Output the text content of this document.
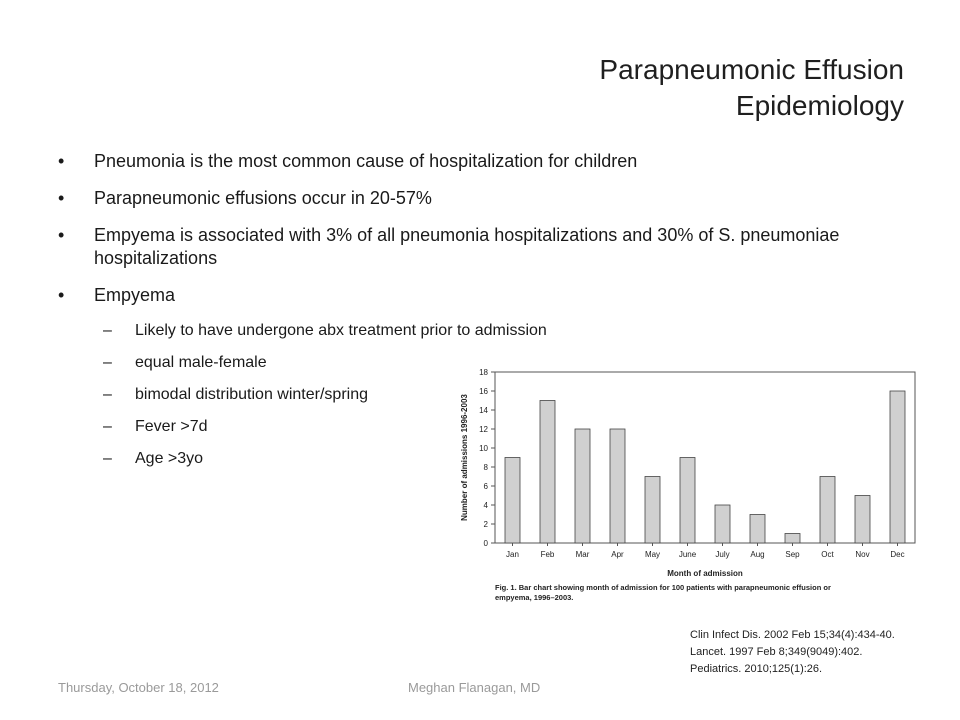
Parapneumonic Effusion
Epidemiology
• Pneumonia is the most common cause of hospitalization for children
• Parapneumonic effusions occur in 20-57%
• Empyema is associated with 3% of all pneumonia hospitalizations and 30% of S. pneumoniae hospitalizations
• Empyema
– Likely to have undergone abx treatment prior to admission
– equal male-female
– bimodal distribution winter/spring
– Fever >7d
– Age >3yo
0
2
4
6
8
10
12
14
16
18
Jan	Feb	Mar	Apr	May June July	Aug	Sep	Oct	Nov	Dec
Month of admission
Number of admissions 1996-2003
Fig. 1. Bar chart showing month of admission for 100 patients with parapneumonic effusion or
empyema, 1996–2003.
Clin Infect Dis. 2002 Feb 15;34(4):434-40.
Lancet. 1997 Feb 8;349(9049):402.
Pediatrics. 2010;125(1):26.
Thursday, October 18, 2012	Meghan Flanagan, MD
